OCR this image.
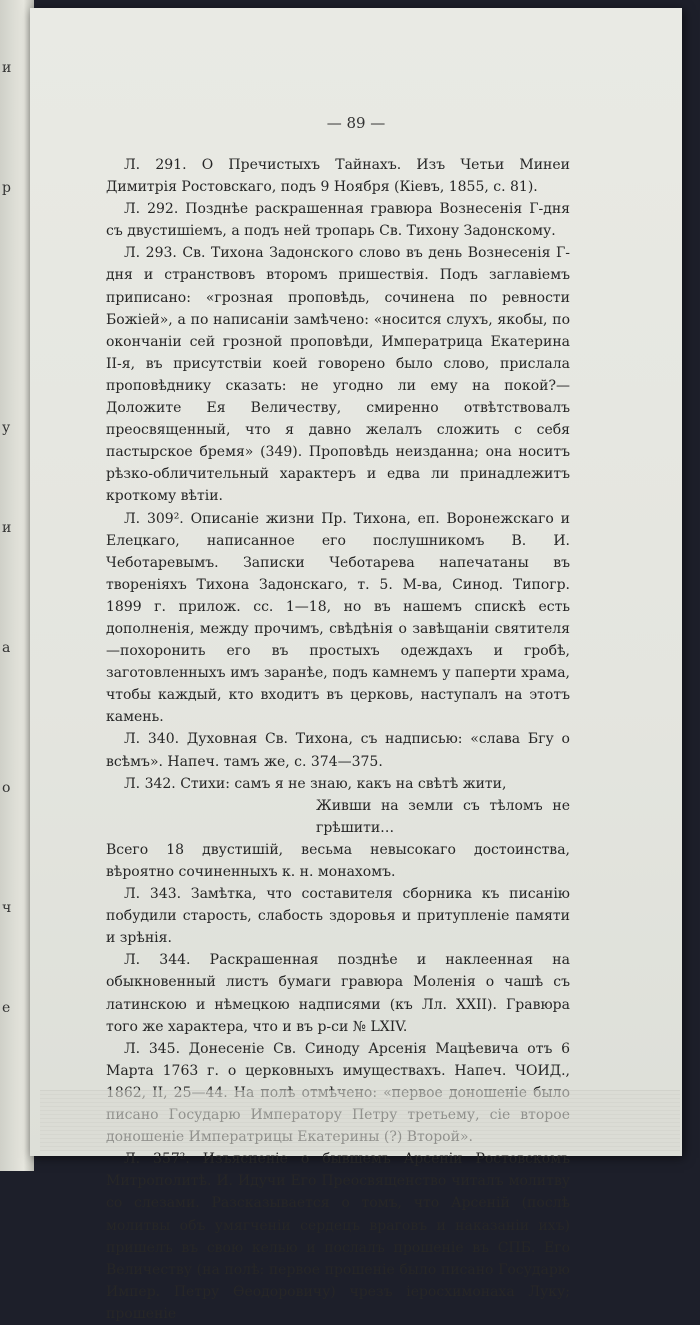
и
р
у
и
а
о
ч
е
— 89 —

Л. 291. О Пречистыхъ Тайнахъ. Изъ Четьи Минеи Димитрія Ростовскаго, подъ 9 Ноября (Кіевъ, 1855, с. 81).

Л. 292. Позднѣе раскрашенная гравюра Вознесенія Г-дня съ двустишіемъ, а подъ ней тропарь Св. Тихону Задонскому.

Л. 293. Св. Тихона Задонского слово въ день Вознесенія Г-дня и странствовъ второмъ пришествія. Подъ заглавіемъ приписано: «грозная проповѣдь, сочинена по ревности Божіей», а по написаніи замѣчено: «носится слухъ, якобы, по окончаніи сей грозной проповѣди, Императрица Екатерина II-я, въ присутствіи коей говорено было слово, прислала проповѣднику сказать: не угодно ли ему на покой?—Доложите Ея Величеству, смиренно отвѣтствовалъ преосвященный, что я давно желалъ сложить с себя пастырское бремя» (349). Проповѣдь неизданна; она носитъ рѣзко-обличительный характеръ и едва ли принадлежитъ кроткому вѣтіи.

Л. 309². Описаніе жизни Пр. Тихона, еп. Воронежскаго и Елецкаго, написанное его послушникомъ В. И. Чеботаревымъ. Записки Чеботарева напечатаны въ твореніяхъ Тихона Задонскаго, т. 5. М-ва, Синод. Типогр. 1899 г. прилож. сс. 1—18, но въ нашемъ спискѣ есть дополненія, между прочимъ, свѣдѣнія о завѣщаніи святителя—похоронить его въ простыхъ одеждахъ и гробѣ, заготовленныхъ имъ заранѣе, подъ камнемъ у паперти храма, чтобы каждый, кто входитъ въ церковь, наступалъ на этотъ камень.

Л. 340. Духовная Св. Тихона, съ надписью: «слава Бгу о всѣмъ». Напеч. тамъ же, с. 374—375.

Л. 342. Стихи: самъ я не знаю, какъ на свѣтѣ жити,

Живши на земли съ тѣломъ не грѣшити…

Всего 18 двустишій, весьма невысокаго достоинства, вѣроятно сочиненныхъ к. н. монахомъ.

Л. 343. Замѣтка, что составителя сборника къ писанію побудили старость, слабость здоровья и притупленіе памяти и зрѣнія.

Л. 344. Раскрашенная позднѣе и наклеенная на обыкновенный листъ бумаги гравюра Моленія о чашѣ съ латинскою и нѣмецкою надписями (къ Лл. XXII). Гравюра того же характера, что и въ р-си № LXIV.

Л. 345. Донесеніе Св. Синоду Арсенія Мацѣевича отъ 6 Марта 1763 г. о церковныхъ имуществахъ. Напеч. ЧОИД.,

Л. 357². Изъясненіе о бывшемъ Арсеніи Ростовскомъ Митрополитѣ. И. Идучи Его Преосвященство читалъ молитву со слезами. Разсказывается о томъ, что Арсеній (послѣ молитвы объ умягченіи сердецъ враговъ и наказаніи ихъ) пришелъ въ свою келью и послалъ прошеніе въ СПБ. Его Величеству (на полѣ: первое прошеніе было писано Государю Импер. Петру Ѳеодоровичу) чрезъ іеросхимонаха Луку; прошеніе
